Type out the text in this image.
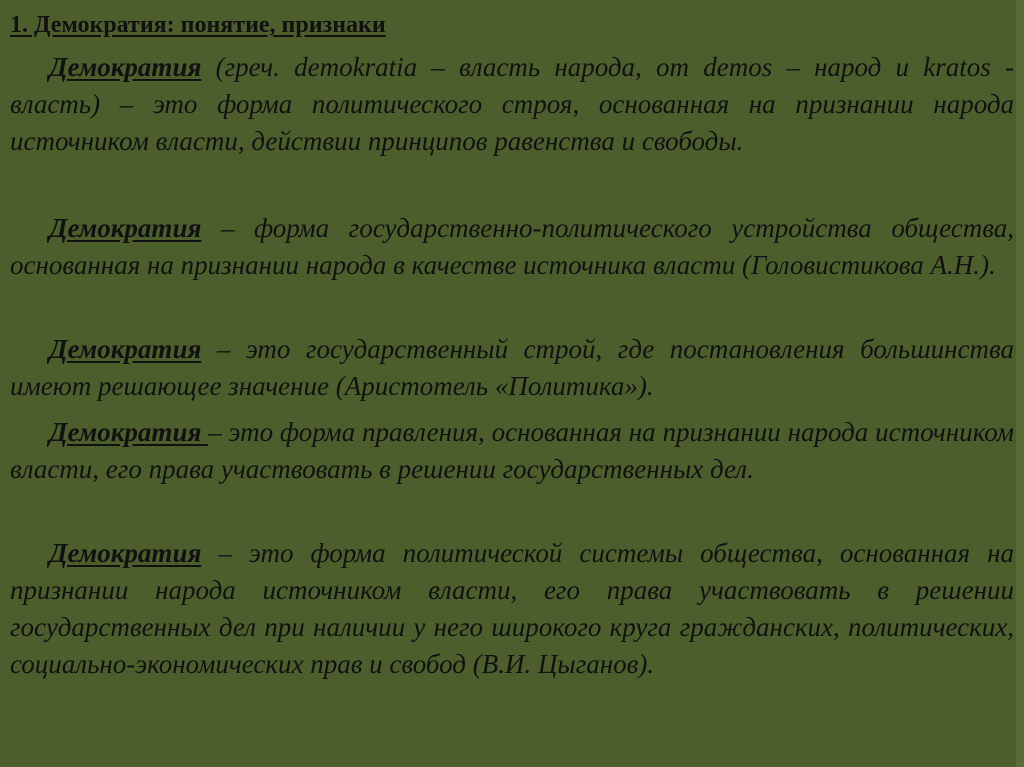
1. Демократия: понятие, признаки

Демократия (греч. demokratia – власть народа, от demos – народ и kratos - власть) – это форма политического строя, основанная на признании народа источником власти, действии принципов равенства и свободы.

Демократия – форма государственно-политического устройства общества, основанная на признании народа в качестве источника власти (Головистикова А.Н.).

Демократия – это государственный строй, где постановления большинства имеют решающее значение (Аристотель «Политика»).

Демократия – это форма правления, основанная на признании народа источником власти, его права участвовать в решении государственных дел.

Демократия – это форма политической системы общества, основанная на признании народа источником власти, его права участвовать в решении государственных дел при наличии у него широкого круга гражданских, политических, социально-экономических прав и свобод (В.И. Цыганов).
